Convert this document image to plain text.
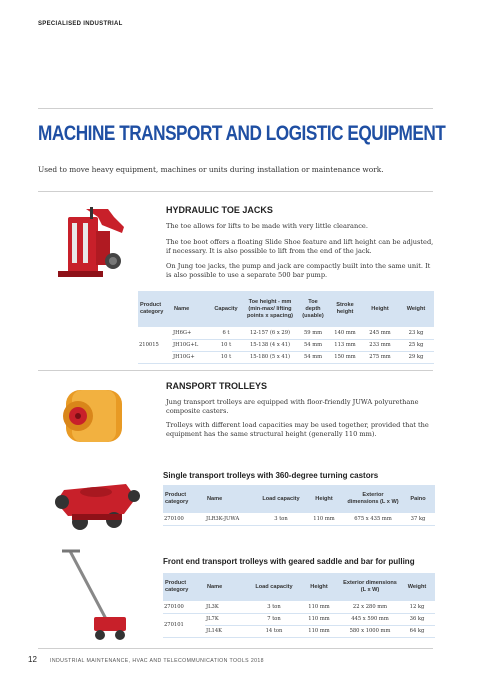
SPECIALISED INDUSTRIAL
MACHINE TRANSPORT AND LOGISTIC EQUIPMENT
Used to move heavy equipment, machines or units during installation or maintenance work.
HYDRAULIC TOE JACKS
The toe allows for lifts to be made with very little clearance.
The toe boot offers a floating Slide Shoe feature and lift height can be adjusted, if necessary. It is also possible to lift from the end of the jack.
On Jung toe jacks, the pump and jack are compactly built into the same unit. It is also possible to use a separate 500 bar pump.
Product category	Name	Capacity	Toe height - mm (min-max/ lifting points x spacing)	Toe depth (usable)	Stroke height	Height	Weight
210015	JH6G+	6 t	12-157 (6 x 29)	59 mm	140 mm	245 mm	23 kg
	JH10G+L	10 t	15-138 (4 x 41)	54 mm	113 mm	233 mm	25 kg
	JH10G+	10 t	15-180 (5 x 41)	54 mm	150 mm	275 mm	29 kg
RANSPORT TROLLEYS
Jung transport trolleys are equipped with floor-friendly JUWA polyurethane composite casters.
Trolleys with different load capacities may be used together, provided that the equipment has the same structural height (generally 110 mm).
Single transport trolleys with 360-degree turning castors
Product category	Name	Load capacity	Height	Exterior dimensions (L x W)	Paino
270100	JLR3K-JUWA	3 ton	110 mm	675 x 435 mm	37 kg
Front end transport trolleys with geared saddle and bar for pulling
Product category	Name	Load capacity	Height	Exterior dimensions (L x W)	Weight
270100	JL3K	3 ton	110 mm	22 x 280 mm	12 kg
270101	JL7K	7 ton	110 mm	445 x 590 mm	36 kg
	JL14K	14 ton	110 mm	580 x 1000 mm	64 kg
12	INDUSTRIAL MAINTENANCE, HVAC AND TELECOMMUNICATION TOOLS 2018
